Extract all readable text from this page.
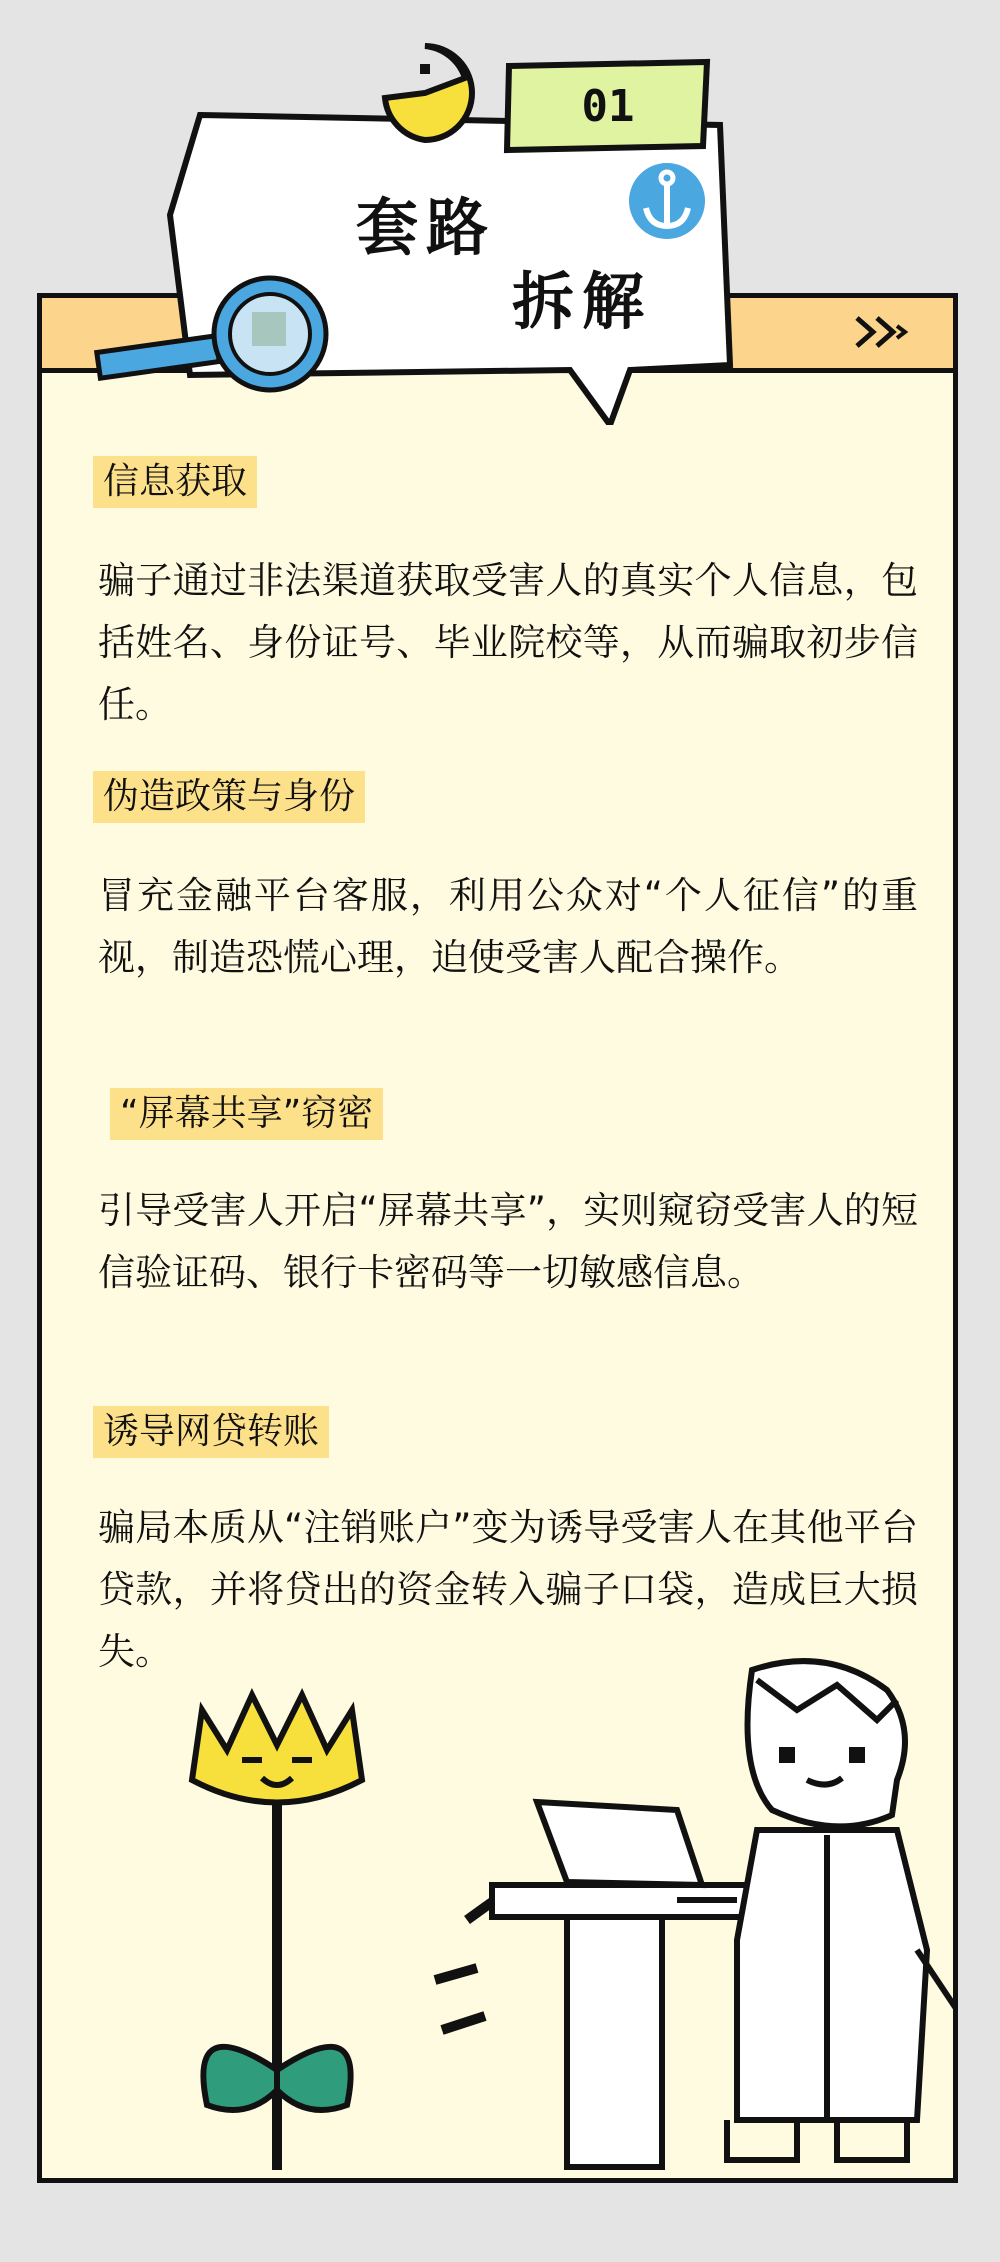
01
套路
拆解
信息获取

骗子通过非法渠道获取受害人的真实个人信息，包括姓名、身份证号、毕业院校等，从而骗取初步信任。

伪造政策与身份

冒充金融平台客服，利用公众对“个人征信”的重视，制造恐慌心理，迫使受害人配合操作。

“屏幕共享”窃密

引导受害人开启“屏幕共享”，实则窥窃受害人的短信验证码、银行卡密码等一切敏感信息。

诱导网贷转账

骗局本质从“注销账户”变为诱导受害人在其他平台贷款，并将贷出的资金转入骗子口袋，造成巨大损失。
